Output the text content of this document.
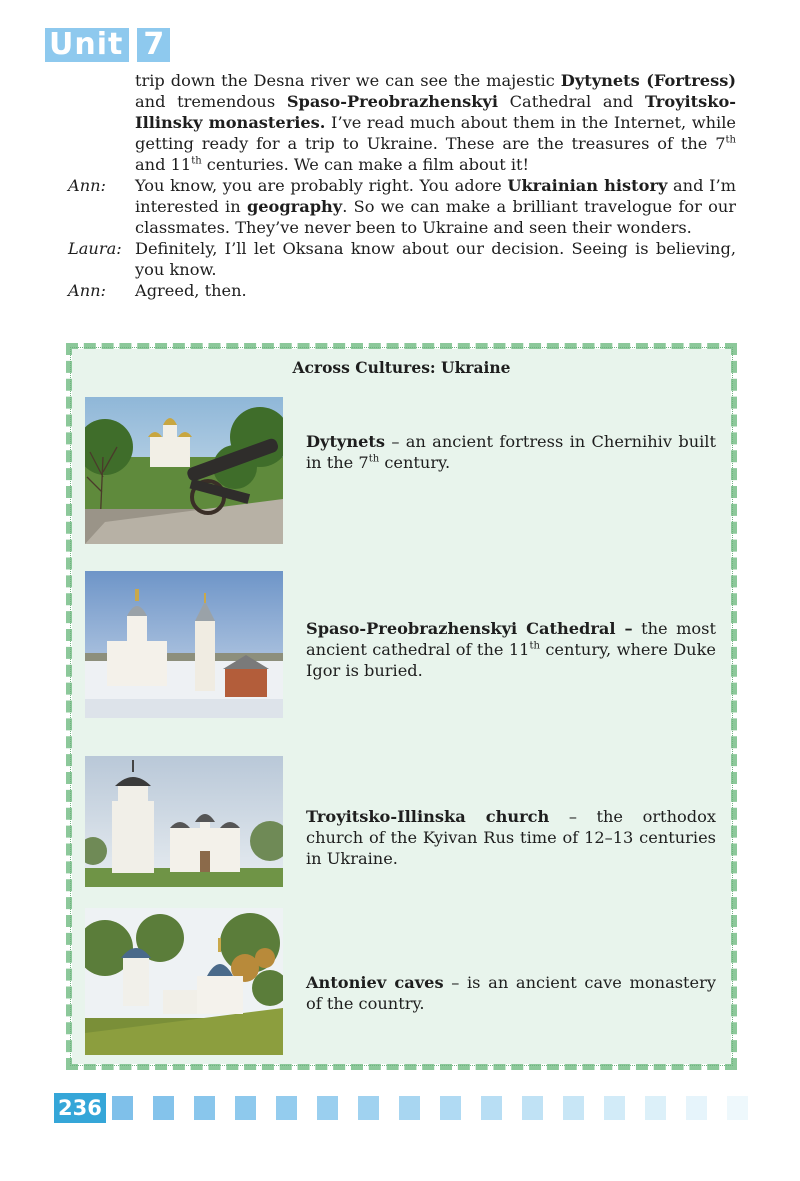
Unit 7
trip down the Desna river we can see the majestic Dytynets (Fortress) and tremendous Spaso-Preobrazhenskyi Cathedral and Troyitsko-Illinsky monasteries. I’ve read much about them in the Internet, while getting ready for a trip to Ukraine. These are the treasures of the 7th and 11th centuries. We can make a film about it!
Ann:	You know, you are probably right. You adore Ukrainian history and I’m interested in geography. So we can make a brilliant travelogue for our classmates. They’ve never been to Ukraine and seen their wonders.
Laura: Definitely, I’ll let Oksana know about our decision. Seeing is believing, you know.
Ann:	Agreed, then.
Across Cultures: Ukraine
Dytynets – an ancient fortress in Chernihiv built in the 7th century.
Spaso-Preobrazhenskyi Cathedral – the most ancient cathedral of the 11th century, where Duke Igor is buried.
Troyitsko-Illinska church – the orthodox church of the Kyivan Rus time of 12–13 centuries in Ukraine.
Antoniev caves – is an ancient cave monastery of the country.
236
